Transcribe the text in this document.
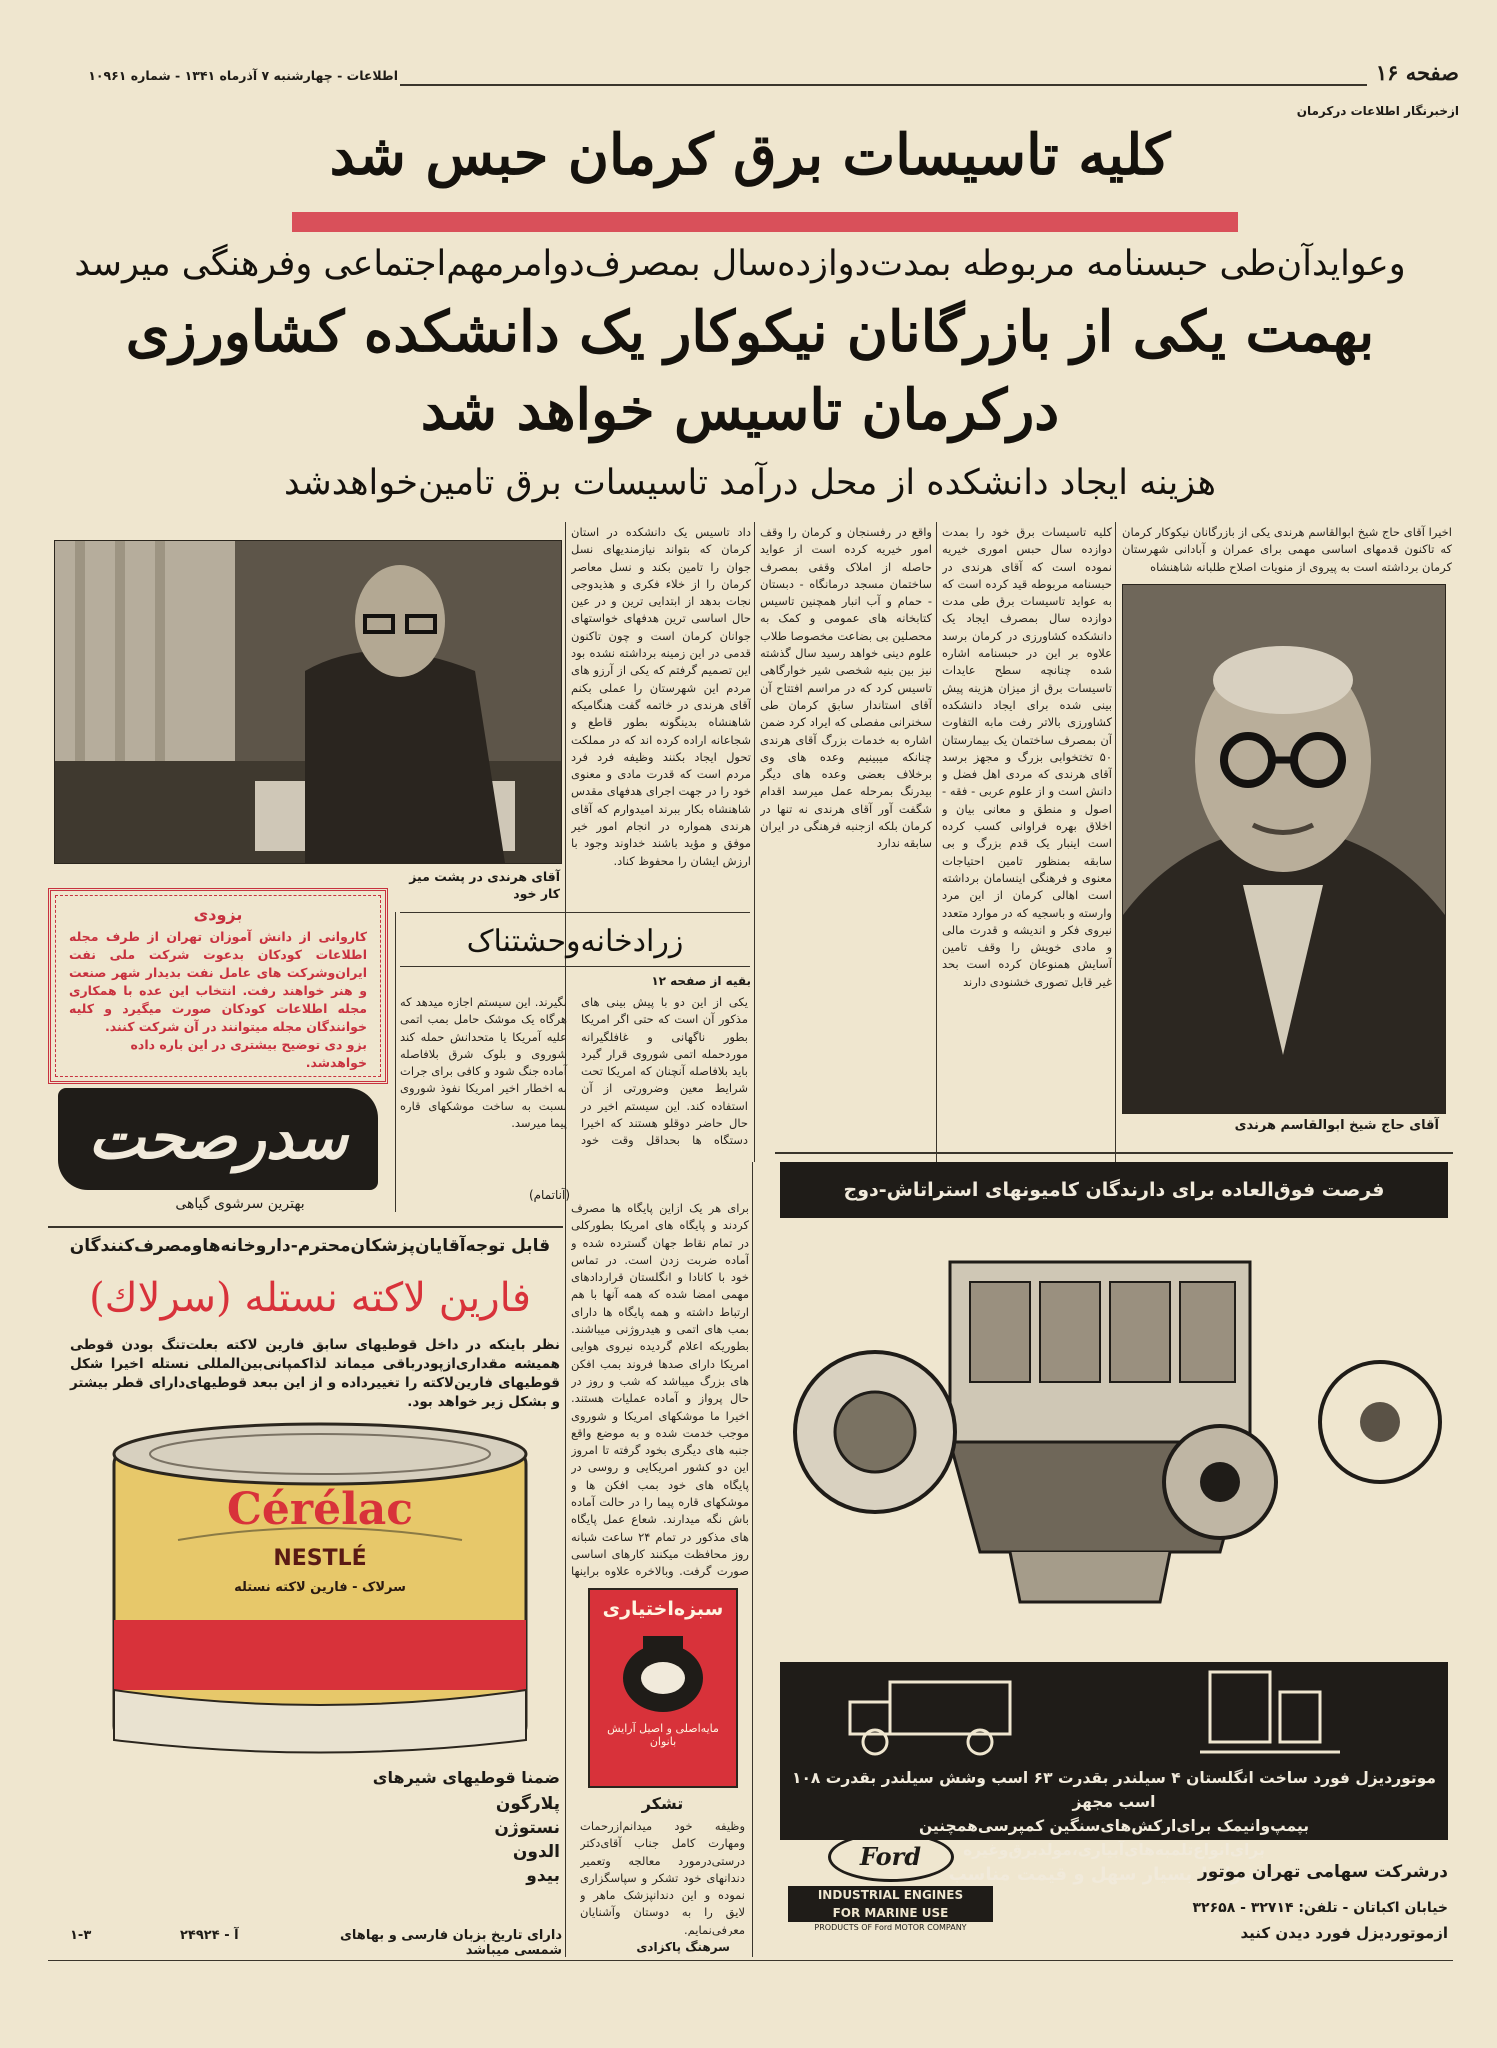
صفحه ۱۶
اطلاعات - چهارشنبه ۷ آذرماه ۱۳۴۱ - شماره ۱۰۹۶۱
ازخبرنگار اطلاعات درکرمان
کلیه تاسیسات برق کرمان حبس شد
وعوایدآن‌طی حبسنامه مربوطه بمدت‌دوازده‌سال بمصرف‌دوامرمهم‌اجتماعی وفرهنگی میرسد
بهمت یکی از بازرگانان نیکوکار یک دانشکده کشاورزی
درکرمان تاسیس خواهد شد
هزینه ایجاد دانشکده از محل درآمد تاسیسات برق تامین‌خواهدشد
اخیرا آقای حاج شیخ ابوالقاسم هرندی یکی از بازرگانان نیکوکار کرمان که تاکنون قدمهای اساسی مهمی برای عمران و آبادانی شهرستان کرمان برداشته است به پیروی از منویات اصلاح طلبانه شاهنشاه
آقای حاج شیخ ابوالقاسم هرندی
کلیه تاسیسات برق خود را بمدت دوازده سال حبس اموری خیریه نموده است که آقای هرندی در حبسنامه مربوطه قید کرده است که به عواید تاسیسات برق طی مدت دوازده سال بمصرف ایجاد یک دانشکده کشاورزی در کرمان برسد علاوه بر این در حبسنامه اشاره شده چنانچه سطح عایدات تاسیسات برق از میزان هزینه پیش بینی شده برای ایجاد دانشکده کشاورزی بالاتر رفت مابه التفاوت آن بمصرف ساختمان یک بیمارستان ۵۰ تختخوابی بزرگ و مجهز برسد آقای هرندی که مردی اهل فضل و دانش است و از علوم عربی - فقه - اصول و منطق و معانی بیان و اخلاق بهره فراوانی کسب کرده است اینبار یک قدم بزرگ و بی سابقه بمنظور تامین احتیاجات معنوی و فرهنگی اینسامان برداشته است اهالی کرمان از این مرد وارسته و باسجیه که در موارد متعدد نیروی فکر و اندیشه و قدرت مالی و مادی خویش را وقف تامین آسایش همنوعان کرده است بحد غیر قابل تصوری خشنودی دارند
واقع در رفسنجان و کرمان را وقف امور خیریه کرده است از عواید حاصله از املاک وقفی بمصرف ساختمان مسجد درمانگاه - دبستان - حمام و آب انبار همچنین تاسیس کتابخانه های عمومی و کمک به محصلین بی بضاعت مخصوصا طلاب علوم دینی خواهد رسید سال گذشته نیز بین بنیه شخصی شیر خوارگاهی تاسیس کرد که در مراسم افتتاح آن آقای استاندار سابق کرمان طی سخنرانی مفصلی که ایراد کرد ضمن اشاره به خدمات بزرگ آقای هرندی چنانکه میبینیم وعده های وی برخلاف بعضی وعده های دیگر بیدرنگ بمرحله عمل میرسد اقدام شگفت آور آقای هرندی نه تنها در کرمان بلکه ازجنبه فرهنگی در ایران سابقه ندارد
داد تاسیس یک دانشکده در استان کرمان که بتواند نیازمندیهای نسل جوان را تامین بکند و نسل معاصر کرمان را از خلاء فکری و هذیدوجی نجات بدهد از ابتدایی ترین و در عین حال اساسی ترین هدفهای خواستهای جوانان کرمان است و چون تاکنون قدمی در این زمینه برداشته نشده بود این تصمیم گرفتم که یکی از آرزو های مردم این شهرستان را عملی بکنم آقای هرندی در خاتمه گفت هنگامیکه شاهنشاه بدینگونه بطور قاطع و شجاعانه اراده کرده اند که در مملکت تحول ایجاد بکنند وظیفه فرد فرد مردم است که قدرت مادی و معنوی خود را در جهت اجرای هدفهای مقدس شاهنشاه بکار ببرند امیدوارم که آقای هرندی همواره در انجام امور خیر موفق و مؤید باشند خداوند وجود با ارزش ایشان را محفوظ کناد.
آقای هرندی در پشت میز کار خود
زرادخانه‌وحشتناک
بقیه از صفحه ۱۲
یکی از این دو با پیش بینی های مذکور آن است که حتی اگر امریکا بطور ناگهانی و غافلگیرانه موردحمله اتمی شوروی قرار گیرد باید بلافاصله آنچنان که امریکا تحت شرایط معین وضرورتی از آن استفاده کند. این سیستم اخیر در حال حاضر دوقلو هستند که اخیرا دستگاه ها بحداقل وقت خود بگیرند. این سیستم اجازه میدهد که هرگاه یک موشک حامل بمب اتمی علیه آمریکا یا متحدانش حمله کند شوروی و بلوک شرق بلافاصله آماده جنگ شود و کافی برای جرات به اخطار اخیر امریکا نفوذ شوروی نسبت به ساخت موشکهای قاره پیما میرسد.
(آناتمام)
برای هر یک ازاین پایگاه ها مصرف کردند و پایگاه های امریکا بطورکلی در تمام نقاط جهان گسترده شده و آماده ضربت زدن است. در تماس خود با کانادا و انگلستان قراردادهای مهمی امضا شده که همه آنها با هم ارتباط داشته و همه پایگاه ها دارای بمب های اتمی و هیدروژنی میباشند. بطوریکه اعلام گردیده نیروی هوایی امریکا دارای صدها فروند بمب افکن های بزرگ میباشد که شب و روز در حال پرواز و آماده عملیات هستند. اخیرا ما موشکهای امریکا و شوروی موجب خدمت شده و به موضع واقع جنبه های دیگری بخود گرفته تا امروز این دو کشور امریکایی و روسی در پایگاه های خود بمب افکن ها و موشکهای قاره پیما را در حالت آماده باش نگه میدارند. شعاع عمل پایگاه های مذکور در تمام ۲۴ ساعت شبانه روز محافظت میکنند کارهای اساسی صورت گرفت. وبالاخره علاوه براینها
بزودی
کاروانی از دانش آموزان تهران از طرف مجله اطلاعات کودکان بدعوت شرکت ملی نفت ایران‌وشرکت های عامل نفت بدیدار شهر صنعت و هنر خواهند رفت. انتخاب این عده با همکاری مجله اطلاعات کودکان صورت میگیرد و کلیه خوانندگان مجله میتوانند در آن شرکت کنند.
بزو دی توضیح بیشتری در این باره داده خواهدشد.
سدرصحت
بهترین سرشوی گیاهی
قابل توجه‌آقایان‌پزشکان‌محترم-داروخانه‌هاومصرف‌کنندگان
فارین لاکته نستله (سرلاك)
نظر باینکه در داخل قوطیهای سابق فارین لاکته بعلت‌تنگ بودن قوطی همیشه مقداری‌ازپودر‌باقی میماند لذاکمپانی‌بین‌المللی نستله اخیرا شکل قوطیهای فارین‌لاکته را تغییرداده و از این ببعد قوطیهای‌دارای قطر بیشتر و بشکل زیر خواهد بود.
Cérélac
NESTLÉ
سرلاک - فارین لاکته نستله
ضمنا قوطیهای شیرهای
پلارگون
نستوژن
الدون
بیدو
دارای تاریخ بزبان فارسی و بهاهای شمسی میباشد
آ - ۲۴۹۲۴
۱-۳
سبزه‌اختیاری
مایه‌اصلی و اصیل آرایش بانوان
تشکر
وظیفه خود میدانم‌ازرحمات ومهارت کامل جناب آقای‌دکتر درستی‌درمورد معالجه وتعمیر دندانهای خود تشکر و سپاسگزاری نموده و این دندانپزشک ماهر و لایق را به دوستان وآشنایان معرفی‌نمایم.
سرهنگ پاکزادی
فرصت فوق‌العاده برای دارندگان کامیونهای استراتاش-دوج
موتوردیزل فورد ساخت انگلستان ۴ سیلندر بقدرت ۶۳ اسب وشش سیلندر بقدرت ۱۰۸ اسب مجهز
بپمپ‌وانیمک برای‌ارکش‌های‌سنگین کمپرسی‌همچنین برای‌انواع‌تلمبه‌های‌آبیاری،مولدبرق‌وغیره
با شرایط بسیار سهل و قیمت مناسب
Ford
INDUSTRIAL ENGINES
FOR MARINE USE
PRODUCTS OF Ford MOTOR COMPANY
درشرکت سهامی تهران موتور
خیابان اکباتان - تلفن: ۳۲۷۱۴ - ۳۲۶۵۸
ازموتوردیزل فورد دیدن کنید
